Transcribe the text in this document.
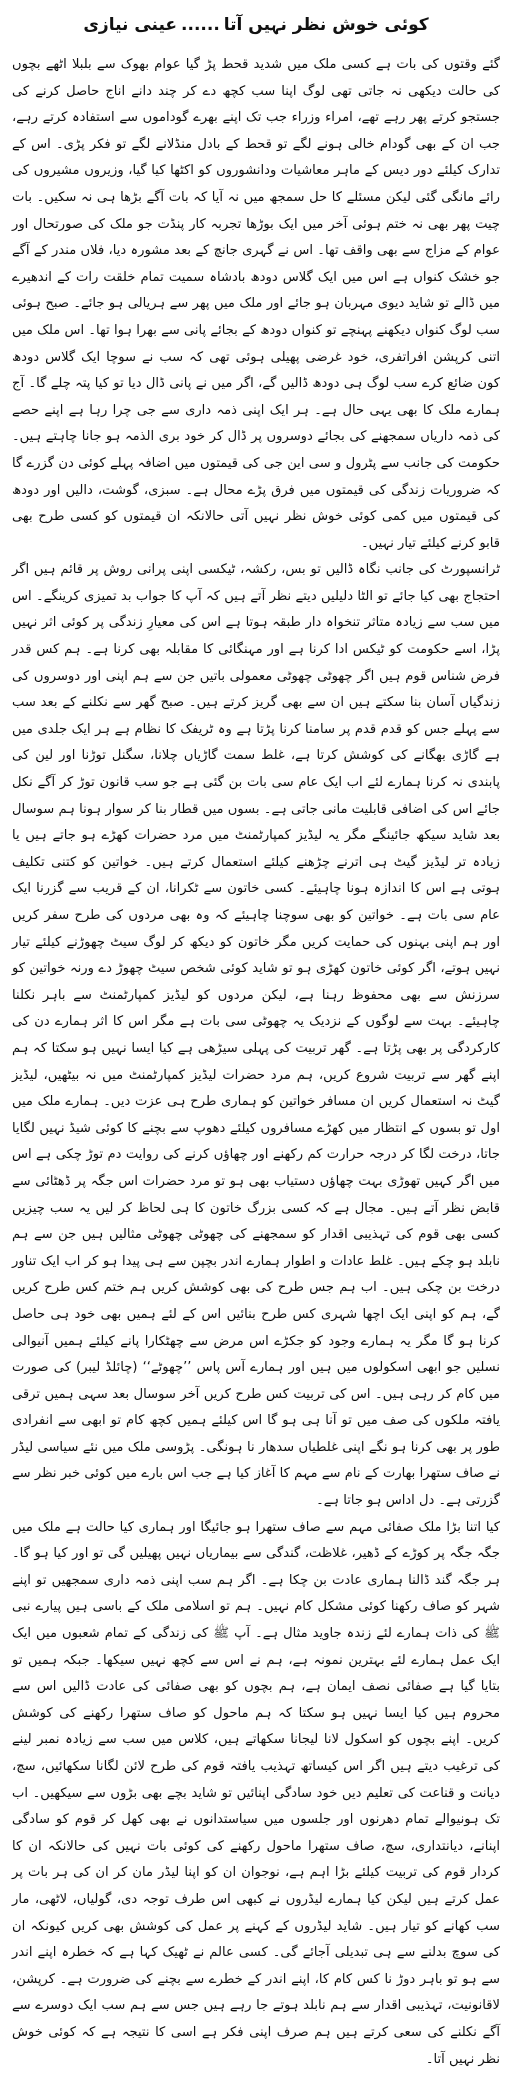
کوئی خوش نظر نہیں آتا......عینی نیازی

گئے وقتوں کی بات ہے کسی ملک میں شدید قحط پڑ گیا عوام بھوک سے بلبلا اٹھے بچوں کی حالت دیکھی نہ جاتی تھی لوگ اپنا سب کچھ دے کر چند دانے اناج حاصل کرنے کی جستجو کرتے پھر رہے تھے، امراء وزراء جب تک اپنے بھرے گوداموں سے استفادہ کرتے رہے، جب ان کے بھی گودام خالی ہونے لگے تو قحط کے بادل منڈلانے لگے تو فکر پڑی۔ اس کے تدارک کیلئے دور دیس کے ماہر معاشیات ودانشوروں کو اکٹھا کیا گیا، وزیروں مشیروں کی رائے مانگی گئی لیکن مسئلے کا حل سمجھ میں نہ آیا کہ بات آگے بڑھا ہی نہ سکیں۔ بات چیت پھر بھی نہ ختم ہوئی آخر میں ایک بوڑھا تجربہ کار پنڈت جو ملک کی صورتحال اور عوام کے مزاج سے بھی واقف تھا۔ اس نے گہری جانچ کے بعد مشورہ دیا، فلاں مندر کے آگے جو خشک کنواں ہے اس میں ایک گلاس دودھ بادشاہ سمیت تمام خلقت رات کے اندھیرے میں ڈالے تو شاید دیوی مہربان ہو جائے اور ملک میں پھر سے ہریالی ہو جائے۔ صبح ہوئی سب لوگ کنواں دیکھنے پہنچے تو کنواں دودھ کے بجائے پانی سے بھرا ہوا تھا۔ اس ملک میں اتنی کرپشن افراتفری، خود غرضی پھیلی ہوئی تھی کہ سب نے سوچا ایک گلاس دودھ کون ضائع کرے سب لوگ ہی دودھ ڈالیں گے، اگر میں نے پانی ڈال دیا تو کیا پتہ چلے گا۔ آج ہمارے ملک کا بھی یہی حال ہے۔ ہر ایک اپنی ذمہ داری سے جی چرا رہا ہے اپنے حصے کی ذمہ داریاں سمجھنے کی بجائے دوسروں پر ڈال کر خود بری الذمہ ہو جانا چاہتے ہیں۔ حکومت کی جانب سے پٹرول و سی این جی کی قیمتوں میں اضافہ پہلے کوئی دن گزرے گا کہ ضروریات زندگی کی قیمتوں میں فرق پڑے محال ہے۔ سبزی، گوشت، دالیں اور دودھ کی قیمتوں میں کمی کوئی خوش نظر نہیں آتی حالانکہ ان قیمتوں کو کسی طرح بھی قابو کرنے کیلئے تیار نہیں۔

ٹرانسپورٹ کی جانب نگاہ ڈالیں تو بس، رکشہ، ٹیکسی اپنی پرانی روش پر قائم ہیں اگر احتجاج بھی کیا جائے تو الٹا دلیلیں دیتے نظر آتے ہیں کہ آپ کا جواب بد تمیزی کرینگے۔ اس میں سب سے زیادہ متاثر تنخواہ دار طبقہ ہوتا ہے اس کی معیارِ زندگی پر کوئی اثر نہیں پڑا، اسے حکومت کو ٹیکس ادا کرنا ہے اور مہنگائی کا مقابلہ بھی کرنا ہے۔ ہم کس قدر فرض شناس قوم ہیں اگر چھوٹی چھوٹی معمولی باتیں جن سے ہم اپنی اور دوسروں کی زندگیاں آسان بنا سکتے ہیں ان سے بھی گریز کرتے ہیں۔ صبح گھر سے نکلنے کے بعد سب سے پہلے جس کو قدم قدم پر سامنا کرنا پڑتا ہے وہ ٹریفک کا نظام ہے ہر ایک جلدی میں ہے گاڑی بھگانے کی کوشش کرتا ہے، غلط سمت گاڑیاں چلانا، سگنل توڑنا اور لین کی پابندی نہ کرنا ہمارے لئے اب ایک عام سی بات بن گئی ہے جو سب قانون توڑ کر آگے نکل جائے اس کی اضافی قابلیت مانی جاتی ہے۔ بسوں میں قطار بنا کر سوار ہونا ہم سوسال بعد شاید سیکھ جائینگے مگر یہ لیڈیز کمپارٹمنٹ میں مرد حضرات کھڑے ہو جاتے ہیں یا زیادہ تر لیڈیز گیٹ ہی اترنے چڑھنے کیلئے استعمال کرتے ہیں۔ خواتین کو کتنی تکلیف ہوتی ہے اس کا اندازہ ہونا چاہیئے۔ کسی خاتون سے ٹکرانا، ان کے قریب سے گزرنا ایک عام سی بات ہے۔ خواتین کو بھی سوچنا چاہیئے کہ وہ بھی مردوں کی طرح سفر کریں اور ہم اپنی بہنوں کی حمایت کریں مگر خاتون کو دیکھ کر لوگ سیٹ چھوڑنے کیلئے تیار نہیں ہوتے، اگر کوئی خاتون کھڑی ہو تو شاید کوئی شخص سیٹ چھوڑ دے ورنہ خواتین کو سرزنش سے بھی محفوظ رہنا ہے، لیکن مردوں کو لیڈیز کمپارٹمنٹ سے باہر نکلنا چاہیئے۔ بہت سے لوگوں کے نزدیک یہ چھوٹی سی بات ہے مگر اس کا اثر ہمارے دن کی کارکردگی پر بھی پڑتا ہے۔ گھر تربیت کی پہلی سیڑھی ہے کیا ایسا نہیں ہو سکتا کہ ہم اپنے گھر سے تربیت شروع کریں، ہم مرد حضرات لیڈیز کمپارٹمنٹ میں نہ بیٹھیں، لیڈیز گیٹ نہ استعمال کریں ان مسافر خواتین کو ہماری طرح ہی عزت دیں۔ ہمارے ملک میں اول تو بسوں کے انتظار میں کھڑے مسافروں کیلئے دھوپ سے بچنے کا کوئی شیڈ نہیں لگایا جاتا، درخت لگا کر درجہ حرارت کم رکھنے اور چھاؤں کرنے کی روایت دم توڑ چکی ہے اس میں اگر کہیں تھوڑی بہت چھاؤں دستیاب بھی ہو تو مرد حضرات اس جگہ پر ڈھٹائی سے قابض نظر آتے ہیں۔ مجال ہے کہ کسی بزرگ خاتون کا ہی لحاظ کر لیں یہ سب چیزیں کسی بھی قوم کی تہذیبی اقدار کو سمجھنے کی چھوٹی چھوٹی مثالیں ہیں جن سے ہم نابلد ہو چکے ہیں۔ غلط عادات و اطوار ہمارے اندر بچپن سے ہی پیدا ہو کر اب ایک تناور درخت بن چکی ہیں۔ اب ہم جس طرح کی بھی کوشش کریں ہم ختم کس طرح کریں گے، ہم کو اپنی ایک اچھا شہری کس طرح بنائیں اس کے لئے ہمیں بھی خود ہی حاصل کرنا ہو گا مگر یہ ہمارے وجود کو جکڑے اس مرض سے چھٹکارا پانے کیلئے ہمیں آنیوالی نسلیں جو ابھی اسکولوں میں ہیں اور ہمارے آس پاس ’’چھوٹے‘‘ (چائلڈ لیبر) کی صورت میں کام کر رہی ہیں۔ اس کی تربیت کس طرح کریں آخر سوسال بعد سہی ہمیں ترقی یافتہ ملکوں کی صف میں تو آنا ہی ہو گا اس کیلئے ہمیں کچھ کام تو ابھی سے انفرادی طور پر بھی کرنا ہو نگے اپنی غلطیاں سدھار نا ہونگی۔ پڑوسی ملک میں نئے سیاسی لیڈر نے صاف ستھرا بھارت کے نام سے مہم کا آغاز کیا ہے جب اس بارے میں کوئی خبر نظر سے گزرتی ہے۔ دل اداس ہو جاتا ہے۔

کیا اتنا بڑا ملک صفائی مہم سے صاف ستھرا ہو جائیگا اور ہماری کیا حالت ہے ملک میں جگہ جگہ پر کوڑے کے ڈھیر، غلاظت، گندگی سے بیماریاں نہیں پھیلیں گی تو اور کیا ہو گا۔ ہر جگہ گند ڈالنا ہماری عادت بن چکا ہے۔ اگر ہم سب اپنی ذمہ داری سمجھیں تو اپنے شہر کو صاف رکھنا کوئی مشکل کام نہیں۔ ہم تو اسلامی ملک کے باسی ہیں پیارے نبی ﷺ کی ذات ہمارے لئے زندہ جاوید مثال ہے۔ آپ ﷺ کی زندگی کے تمام شعبوں میں ایک ایک عمل ہمارے لئے بہترین نمونہ ہے، ہم نے اس سے کچھ نہیں سیکھا۔ جبکہ ہمیں تو بتایا گیا ہے صفائی نصف ایمان ہے، ہم بچوں کو بھی صفائی کی عادت ڈالیں اس سے محروم ہیں کیا ایسا نہیں ہو سکتا کہ ہم ماحول کو صاف ستھرا رکھنے کی کوشش کریں۔ اپنے بچوں کو اسکول لانا لیجانا سکھاتے ہیں، کلاس میں سب سے زیادہ نمبر لینے کی ترغیب دیتے ہیں اگر اس کیساتھ تہذیب یافتہ قوم کی طرح لائن لگانا سکھائیں، سچ، دیانت و قناعت کی تعلیم دیں خود سادگی اپنائیں تو شاید بچے بھی بڑوں سے سیکھیں۔ اب تک ہونیوالے تمام دھرنوں اور جلسوں میں سیاستدانوں نے بھی کھل کر قوم کو سادگی اپنانے، دیانتداری، سچ، صاف ستھرا ماحول رکھنے کی کوئی بات نہیں کی حالانکہ ان کا کردار قوم کی تربیت کیلئے بڑا اہم ہے، نوجوان ان کو اپنا لیڈر مان کر ان کی ہر بات پر عمل کرتے ہیں لیکن کیا ہمارے لیڈروں نے کبھی اس طرف توجہ دی، گولیاں، لاٹھی، مار سب کھانے کو تیار ہیں۔ شاید لیڈروں کے کہنے پر عمل کی کوشش بھی کریں کیونکہ ان کی سوچ بدلنے سے ہی تبدیلی آجائے گی۔ کسی عالم نے ٹھیک کہا ہے کہ خطرہ اپنے اندر سے ہو تو باہر دوڑ نا کس کام کا، اپنے اندر کے خطرے سے بچنے کی ضرورت ہے۔ کرپشن، لاقانونیت، تہذیبی اقدار سے ہم نابلد ہوتے جا رہے ہیں جس سے ہم سب ایک دوسرے سے آگے نکلنے کی سعی کرتے ہیں ہم صرف اپنی فکر ہے اسی کا نتیجہ ہے کہ کوئی خوش نظر نہیں آتا۔
